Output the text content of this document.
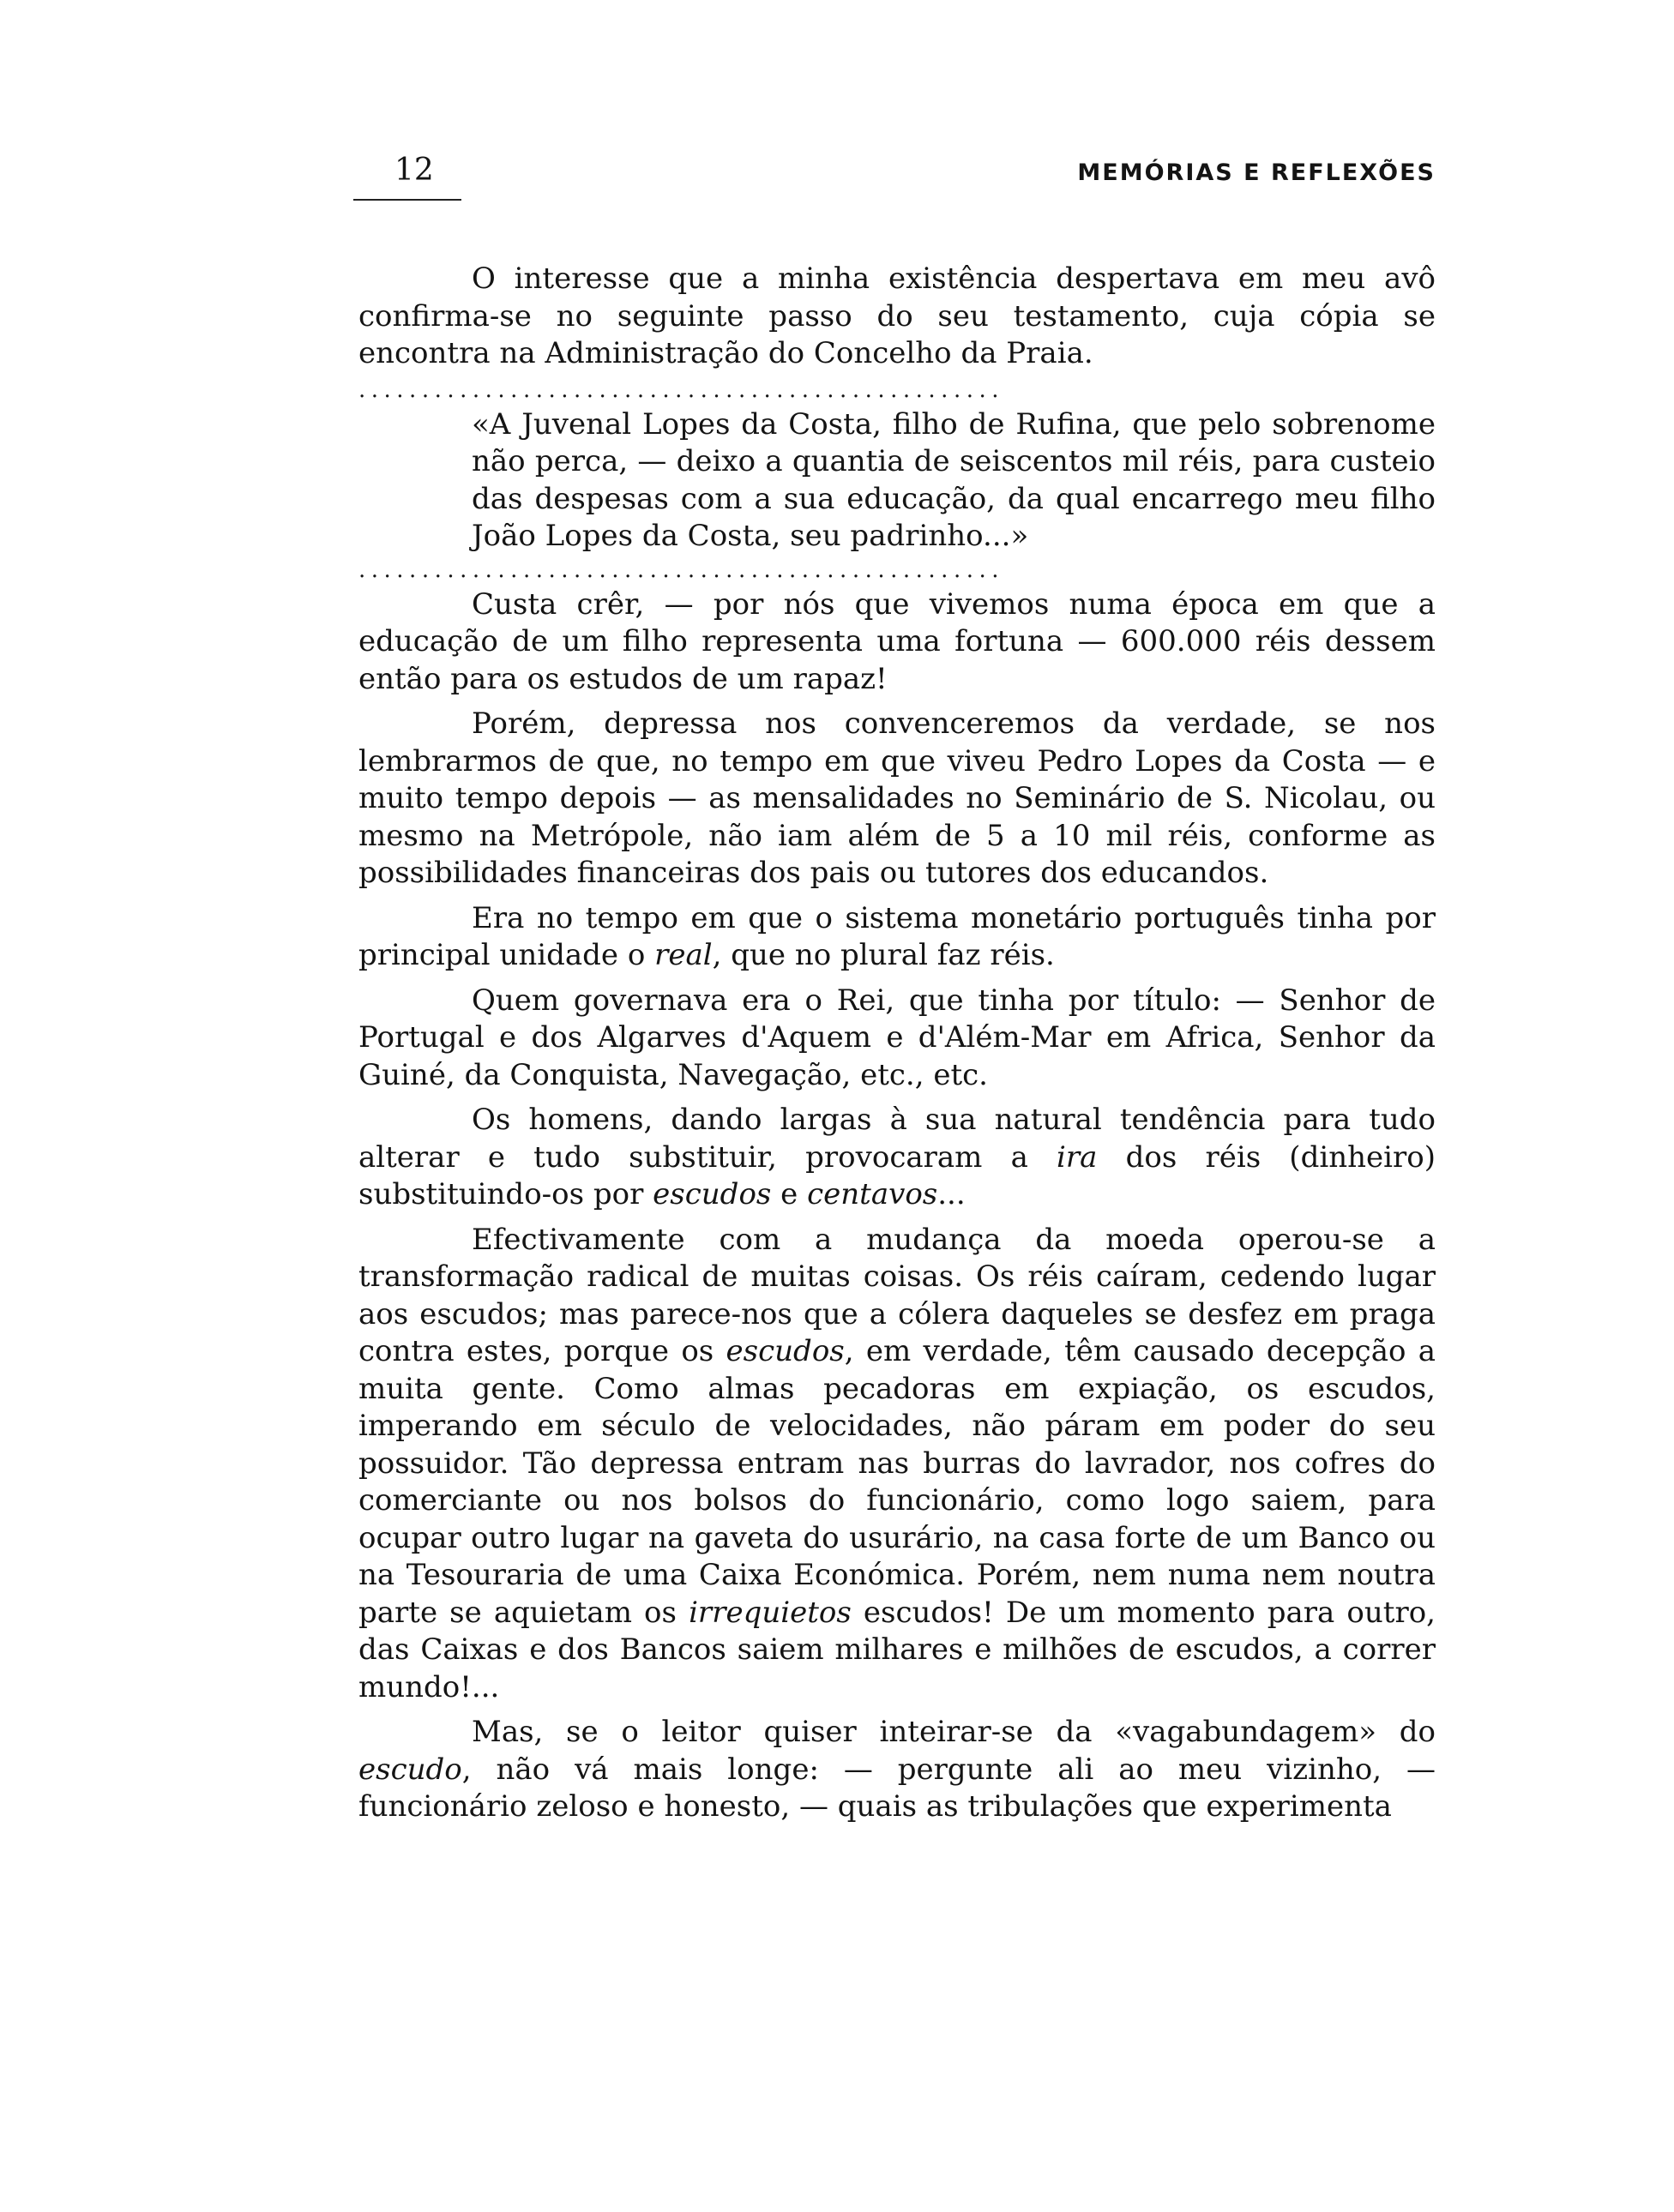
12	MEMÓRIAS E REFLEXÕES

O interesse que a minha existência despertava em meu avô confirma-se no seguinte passo do seu testamento, cuja cópia se encontra na Administração do Concelho da Praia.

...................................................
«A Juvenal Lopes da Costa, filho de Rufina, que pelo sobrenome não perca, — deixo a quantia de seiscentos mil réis, para custeio das despesas com a sua educação, da qual encarrego meu filho João Lopes da Costa, seu padrinho...»
...................................................

Custa crêr, — por nós que vivemos numa época em que a educação de um filho representa uma fortuna — 600.000 réis dessem então para os estudos de um rapaz!

Porém, depressa nos convenceremos da verdade, se nos lembrarmos de que, no tempo em que viveu Pedro Lopes da Costa — e muito tempo depois — as mensalidades no Seminário de S. Nicolau, ou mesmo na Metrópole, não iam além de 5 a 10 mil réis, conforme as possibilidades financeiras dos pais ou tutores dos educandos.

Era no tempo em que o sistema monetário português tinha por principal unidade o real, que no plural faz réis.

Quem governava era o Rei, que tinha por título: — Senhor de Portugal e dos Algarves d'Aquem e d'Além-Mar em Africa, Senhor da Guiné, da Conquista, Navegação, etc., etc.

Os homens, dando largas à sua natural tendência para tudo alterar e tudo substituir, provocaram a ira dos réis (dinheiro) substituindo-os por escudos e centavos...

Efectivamente com a mudança da moeda operou-se a transformação radical de muitas coisas. Os réis caíram, cedendo lugar aos escudos; mas parece-nos que a cólera daqueles se desfez em praga contra estes, porque os escudos, em verdade, têm causado decepção a muita gente. Como almas pecadoras em expiação, os escudos, imperando em século de velocidades, não páram em poder do seu possuidor. Tão depressa entram nas burras do lavrador, nos cofres do comerciante ou nos bolsos do funcionário, como logo saiem, para ocupar outro lugar na gaveta do usurário, na casa forte de um Banco ou na Tesouraria de uma Caixa Económica. Porém, nem numa nem noutra parte se aquietam os irrequietos escudos! De um momento para outro, das Caixas e dos Bancos saiem milhares e milhões de escudos, a correr mundo!...

Mas, se o leitor quiser inteirar-se da «vagabundagem» do escudo, não vá mais longe: — pergunte ali ao meu vizinho, — funcionário zeloso e honesto, — quais as tribulações que experimenta
